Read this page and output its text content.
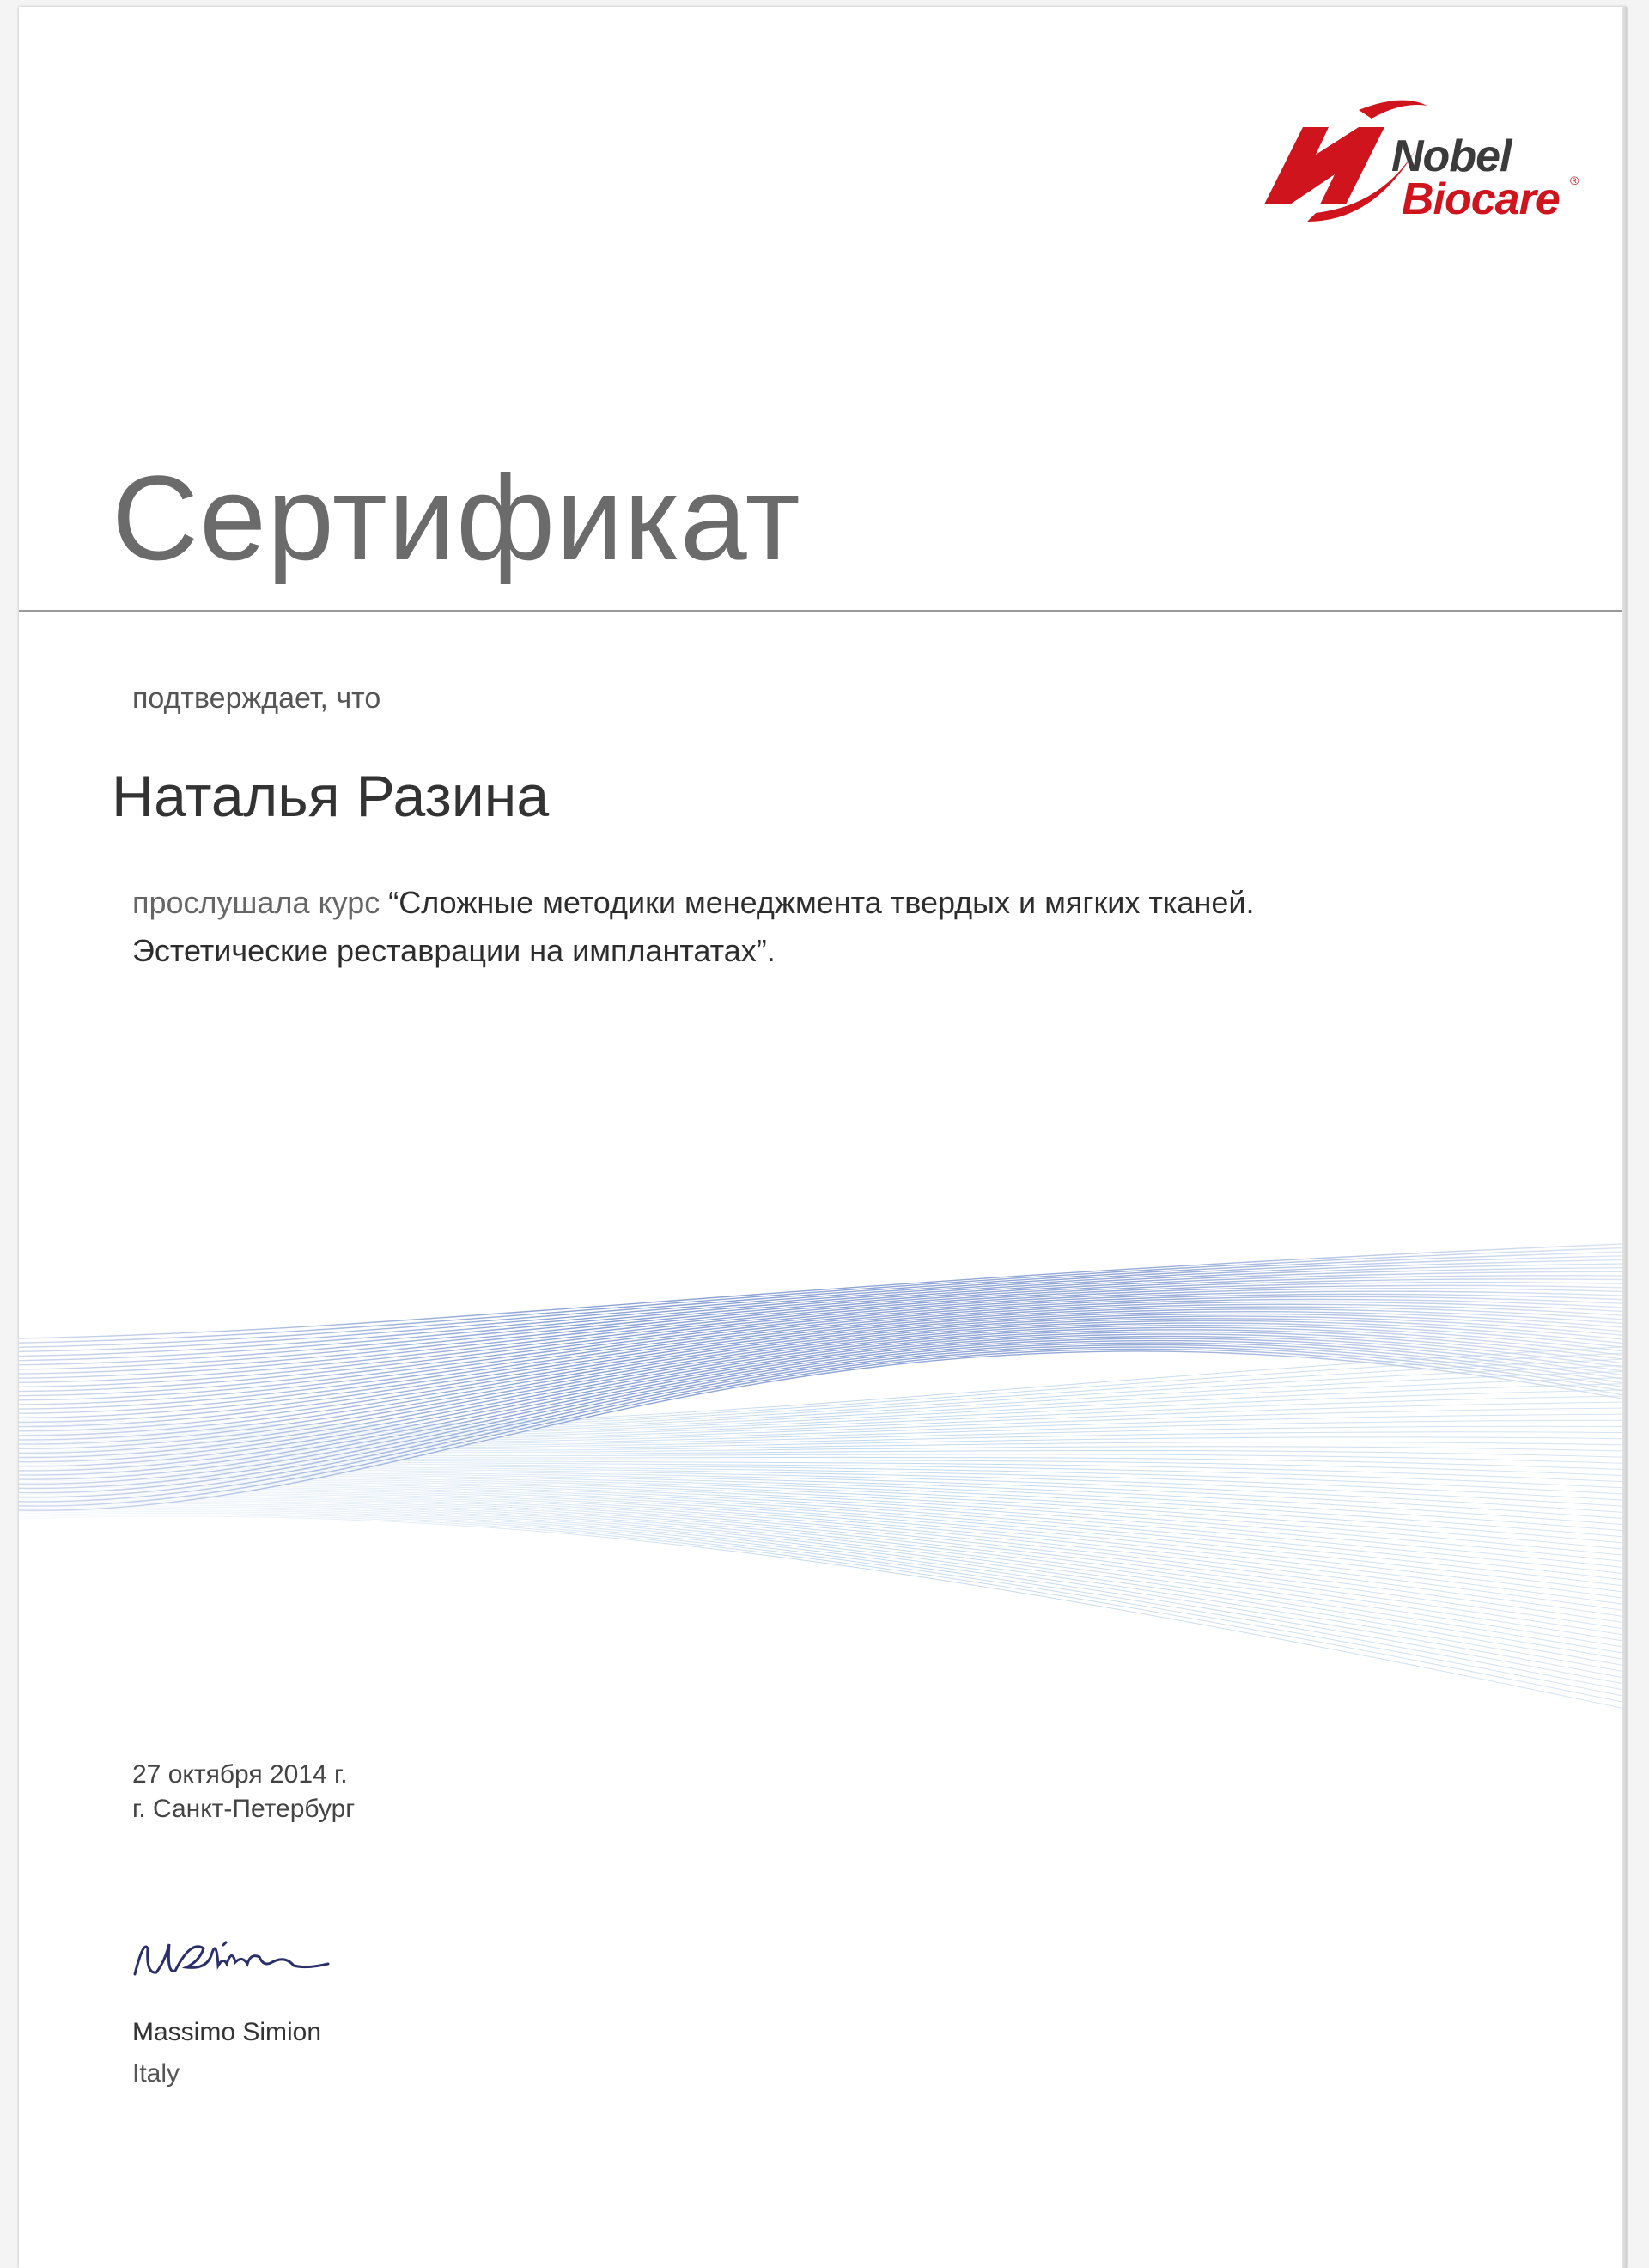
Nobel
Biocare ®
Сертификат

подтверждает, что

Наталья Разина

прослушала курс “Сложные методики менеджмента твердых и мягких тканей.
Эстетические реставрации на имплантатах”.

27 октября 2014 г.
г. Санкт-Петербург
Massimo Simion
Italy
